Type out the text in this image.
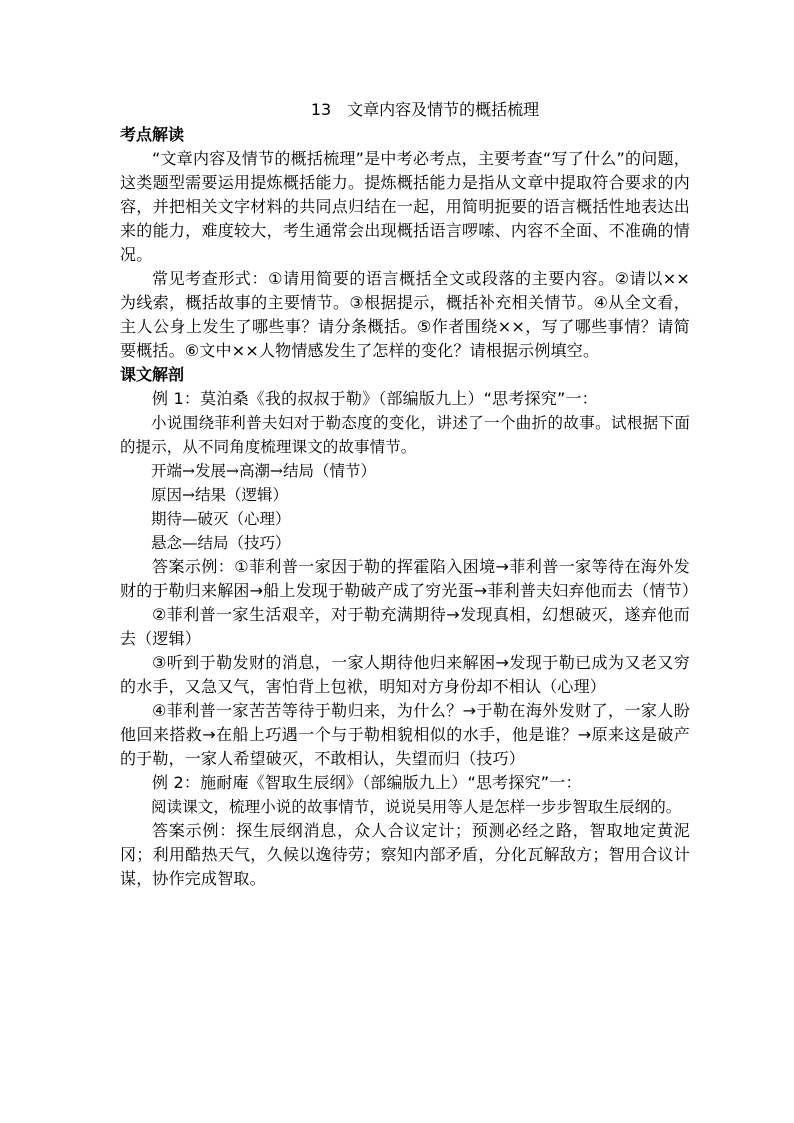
13　文章内容及情节的概括梳理
考点解读

“文章内容及情节的概括梳理”是中考必考点，主要考查“写了什么”的问题，这类题型需要运用提炼概括能力。提炼概括能力是指从文章中提取符合要求的内容，并把相关文字材料的共同点归结在一起，用简明扼要的语言概括性地表达出来的能力，难度较大，考生通常会出现概括语言啰嗦、内容不全面、不准确的情况。

常见考查形式：①请用简要的语言概括全文或段落的主要内容。②请以××为线索，概括故事的主要情节。③根据提示，概括补充相关情节。④从全文看，主人公身上发生了哪些事？请分条概括。⑤作者围绕××，写了哪些事情？请简要概括。⑥文中××人物情感发生了怎样的变化？请根据示例填空。

课文解剖

例 1：莫泊桑《我的叔叔于勒》（部编版九上）“思考探究”一：

小说围绕菲利普夫妇对于勒态度的变化，讲述了一个曲折的故事。试根据下面的提示，从不同角度梳理课文的故事情节。

开端→发展→高潮→结局（情节）

原因→结果（逻辑）

期待—破灭（心理）

悬念—结局（技巧）

答案示例：①菲利普一家因于勒的挥霍陷入困境→菲利普一家等待在海外发财的于勒归来解困→船上发现于勒破产成了穷光蛋→菲利普夫妇弃他而去（情节）

②菲利普一家生活艰辛，对于勒充满期待→发现真相，幻想破灭，遂弃他而去（逻辑）

③听到于勒发财的消息，一家人期待他归来解困→发现于勒已成为又老又穷的水手，又急又气，害怕背上包袱，明知对方身份却不相认（心理）

④菲利普一家苦苦等待于勒归来，为什么？→于勒在海外发财了，一家人盼他回来搭救→在船上巧遇一个与于勒相貌相似的水手，他是谁？→原来这是破产的于勒，一家人希望破灭，不敢相认，失望而归（技巧）

例 2：施耐庵《智取生辰纲》（部编版九上）“思考探究”一：

阅读课文，梳理小说的故事情节，说说吴用等人是怎样一步步智取生辰纲的。

答案示例：探生辰纲消息，众人合议定计；预测必经之路，智取地定黄泥冈；利用酷热天气，久候以逸待劳；察知内部矛盾，分化瓦解敌方；智用合议计谋，协作完成智取。
